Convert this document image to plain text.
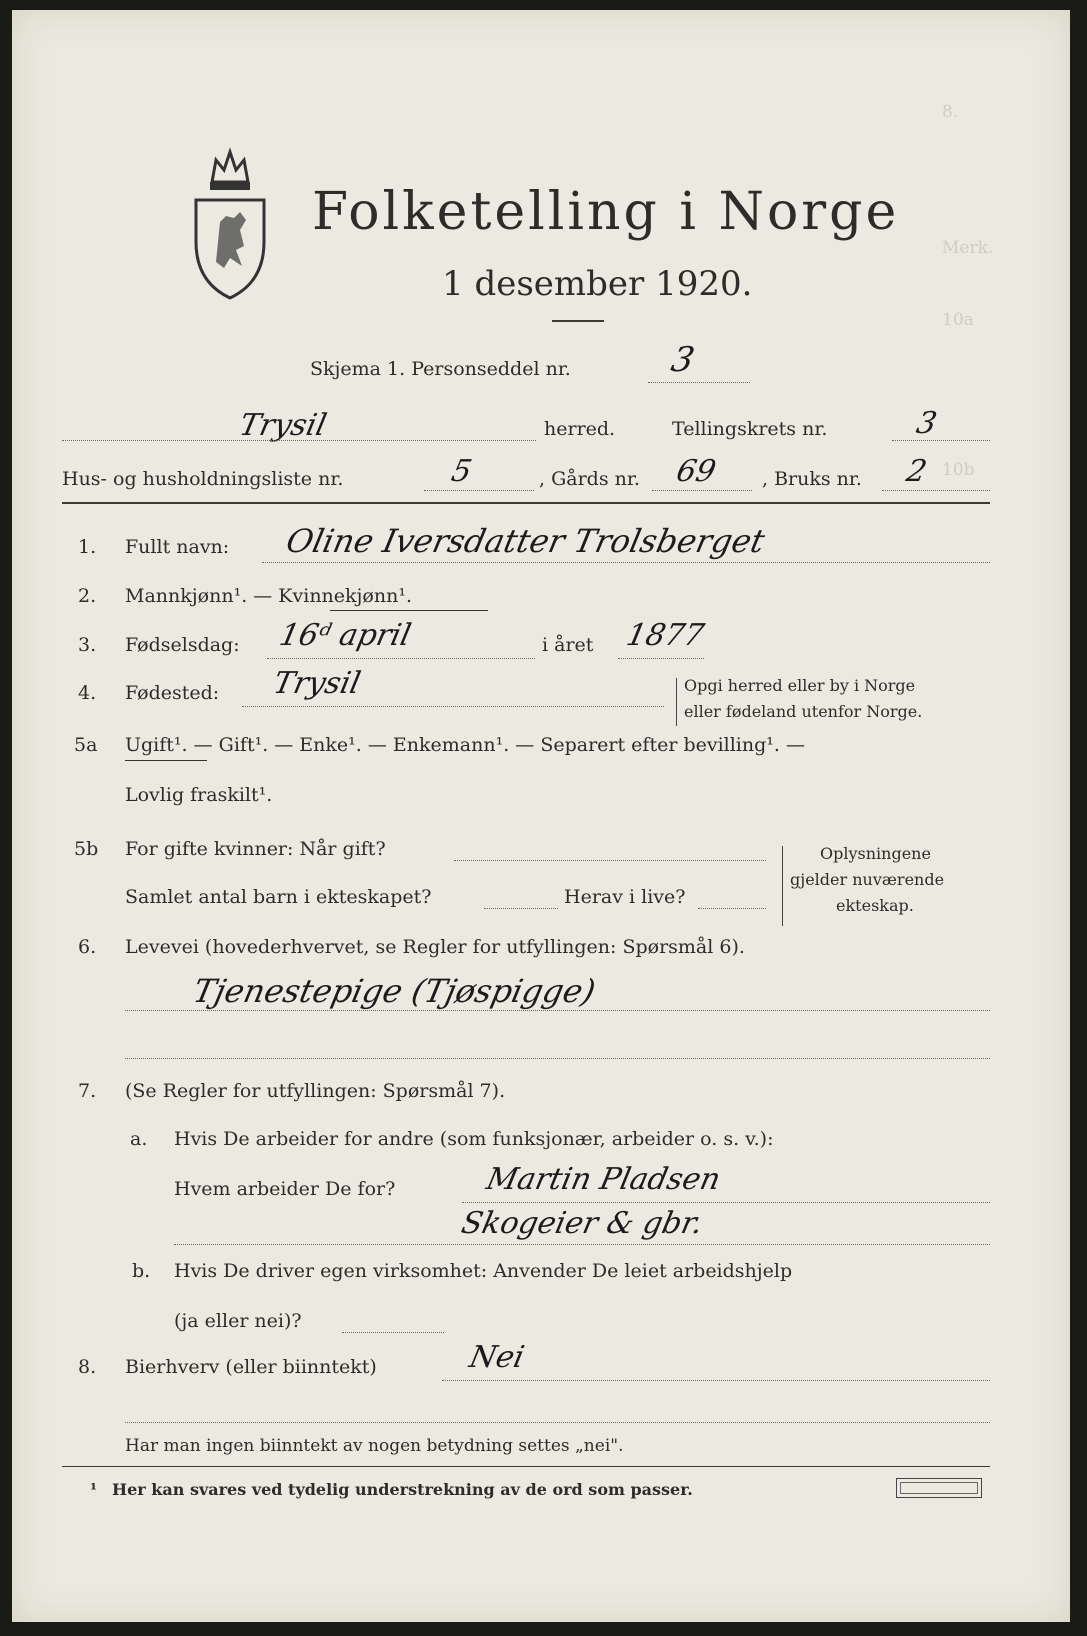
8.
Merk.
10a
10b
Folketelling i Norge
1 desember 1920.
Skjema 1. Personseddel nr.	3
Trysil	herred.	Tellingskrets nr.	3
Hus- og husholdningsliste nr.	5	, Gårds nr. 69 , Bruks nr. 2
1. Fullt navn: Oline Iversdatter Trolsberget
2. Mannkjønn¹. — Kvinnekjønn¹.
3. Fødselsdag: 16ᵈ april	i året 1877
4. Fødested: Trysil	Opgi herred eller by i Norge
eller fødeland utenfor Norge.
5a Ugift¹. — Gift¹. — Enke¹. — Enkemann¹. — Separert efter bevilling¹. —
Lovlig fraskilt¹.
5b For gifte kvinner: Når gift?
Samlet antal barn i ekteskapet?	Herav i live?
Oplysningene
gjelder nuværende
ekteskap.
6. Levevei (hovederhvervet, se Regler for utfyllingen: Spørsmål 6).
Tjenestepige (Tjøspigge)
7. (Se Regler for utfyllingen: Spørsmål 7).
a. Hvis De arbeider for andre (som funksjonær, arbeider o. s. v.):
Hvem arbeider De for?	Martin Pladsen
Skogeier & gbr.
b. Hvis De driver egen virksomhet: Anvender De leiet arbeidshjelp
(ja eller nei)?
8. Bierhverv (eller biinntekt)	Nei
Har man ingen biinntekt av nogen betydning settes „nei".
¹ Her kan svares ved tydelig understrekning av de ord som passer.
